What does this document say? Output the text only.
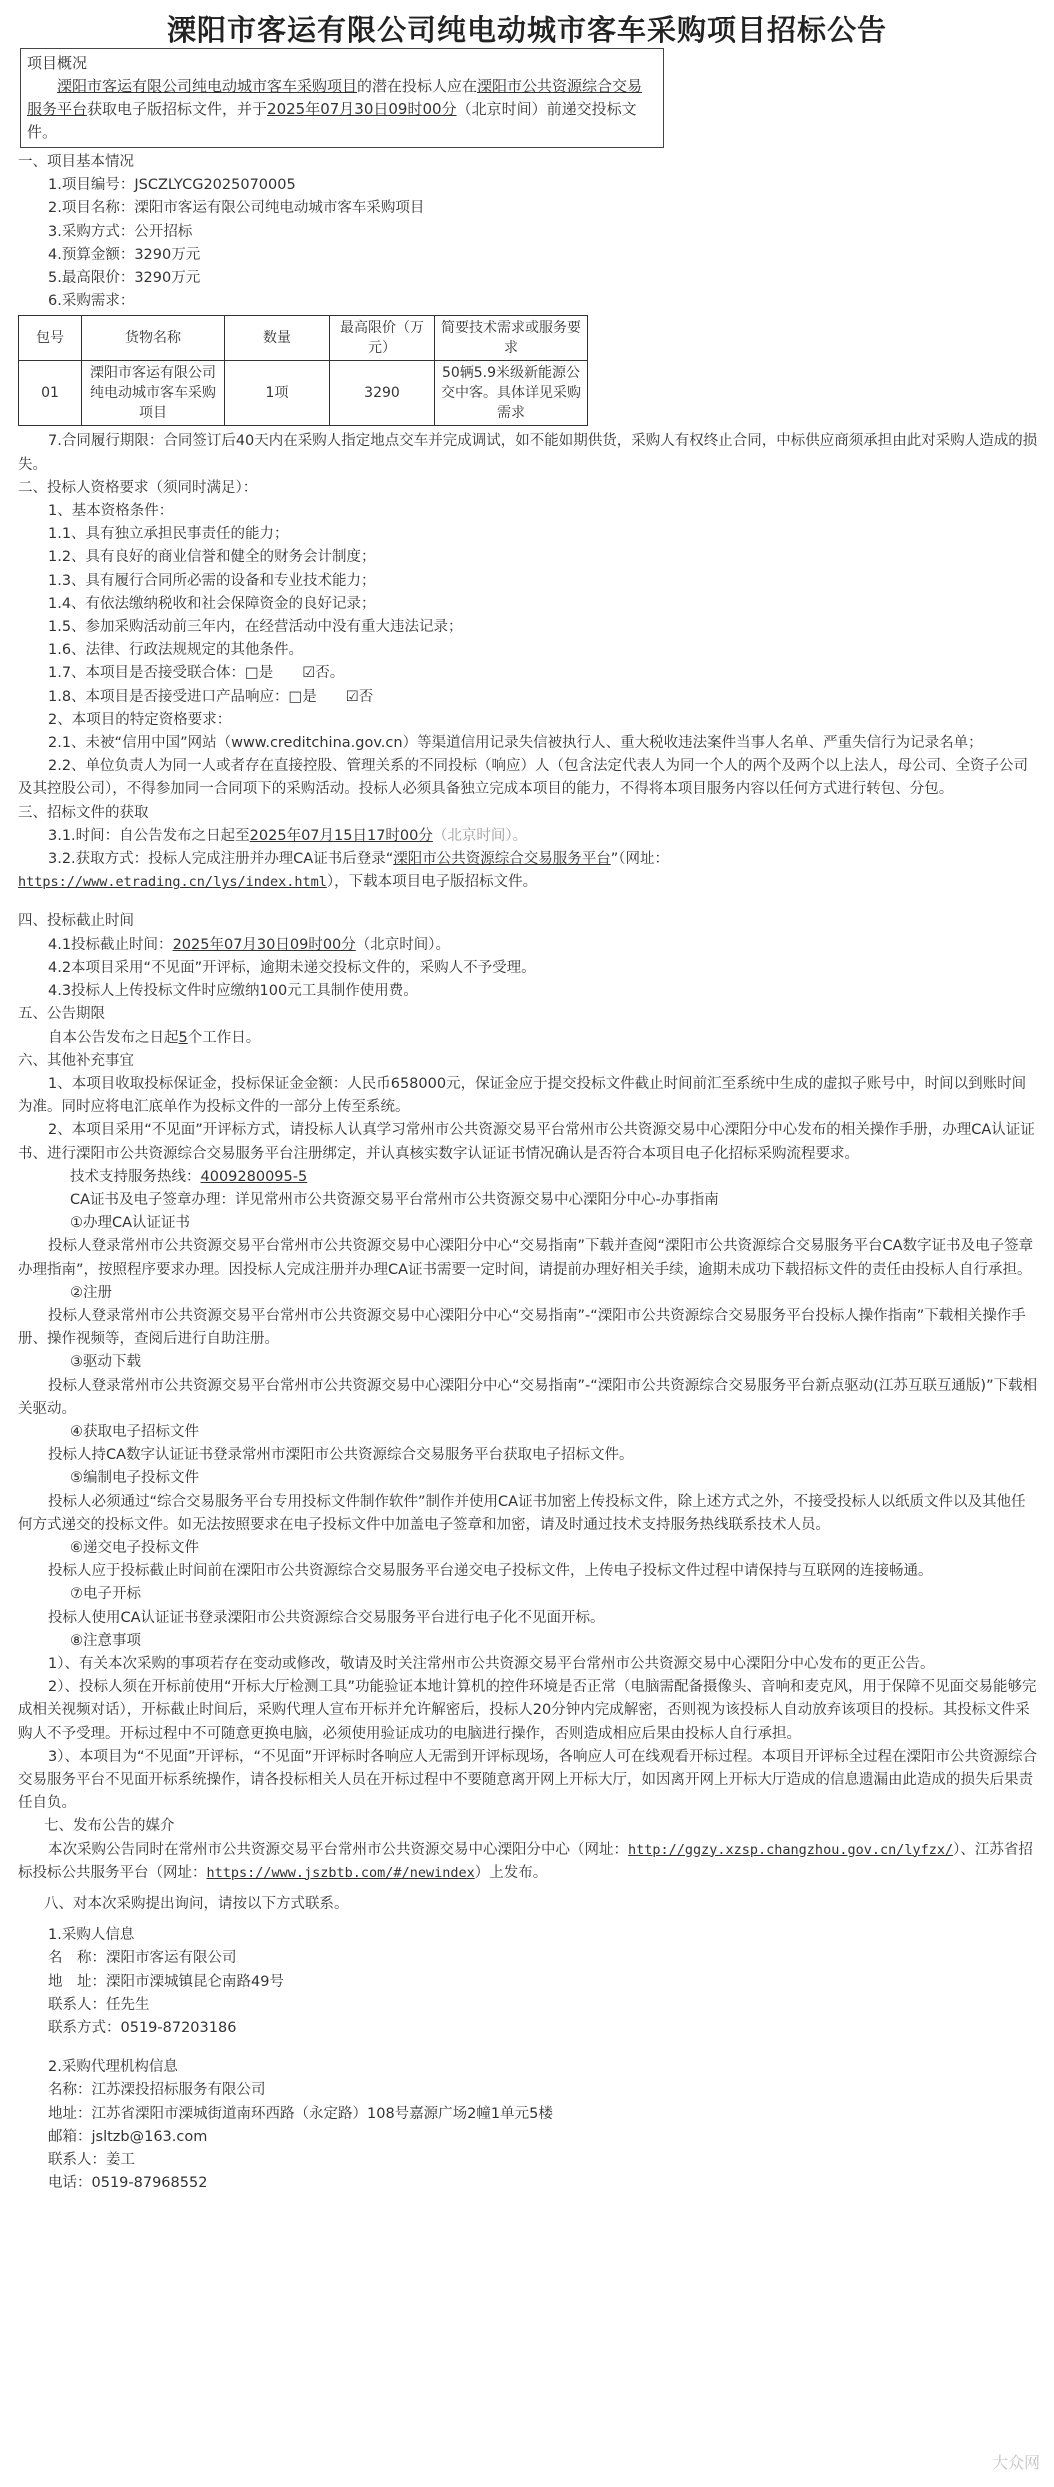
溧阳市客运有限公司纯电动城市客车采购项目招标公告
项目概况
溧阳市客运有限公司纯电动城市客车采购项目的潜在投标人应在溧阳市公共资源综合交易服务平台获取电子版招标文件，并于2025年07月30日09时00分（北京时间）前递交投标文件。

一、项目基本情况

1.项目编号：JSCZLYCG2025070005

2.项目名称：溧阳市客运有限公司纯电动城市客车采购项目

3.采购方式：公开招标

4.预算金额：3290万元

5.最高限价：3290万元

6.采购需求：

包号	货物名称	数量	最高限价（万元）	简要技术需求或服务要求
01	溧阳市客运有限公司纯电动城市客车采购项目	1项	3290	50辆5.9米级新能源公交中客。具体详见采购需求

7.合同履行期限：合同签订后40天内在采购人指定地点交车并完成调试，如不能如期供货，采购人有权终止合同，中标供应商须承担由此对采购人造成的损失。

二、投标人资格要求（须同时满足）：

1、基本资格条件：

1.1、具有独立承担民事责任的能力；

1.2、具有良好的商业信誉和健全的财务会计制度；

1.3、具有履行合同所必需的设备和专业技术能力；

1.4、有依法缴纳税收和社会保障资金的良好记录；

1.5、参加采购活动前三年内，在经营活动中没有重大违法记录；

1.6、法律、行政法规规定的其他条件。

1.7、本项目是否接受联合体：□是　　☑否。

1.8、本项目是否接受进口产品响应：□是　　☑否

2、本项目的特定资格要求：

2.1、未被“信用中国”网站（www.creditchina.gov.cn）等渠道信用记录失信被执行人、重大税收违法案件当事人名单、严重失信行为记录名单；

2.2、单位负责人为同一人或者存在直接控股、管理关系的不同投标（响应）人（包含法定代表人为同一个人的两个及两个以上法人，母公司、全资子公司及其控股公司），不得参加同一合同项下的采购活动。投标人必须具备独立完成本项目的能力，不得将本项目服务内容以任何方式进行转包、分包。

三、招标文件的获取

3.1.时间：自公告发布之日起至2025年07月15日17时00分（北京时间）。

3.2.获取方式：投标人完成注册并办理CA证书后登录“溧阳市公共资源综合交易服务平台”（网址：

https://www.etrading.cn/lys/index.html），下载本项目电子版招标文件。

四、投标截止时间

4.1投标截止时间：2025年07月30日09时00分（北京时间）。

4.2本项目采用“不见面”开评标，逾期未递交投标文件的，采购人不予受理。

4.3投标人上传投标文件时应缴纳100元工具制作使用费。

五、公告期限

自本公告发布之日起5个工作日。

六、其他补充事宜

1、本项目收取投标保证金，投标保证金金额：人民币658000元，保证金应于提交投标文件截止时间前汇至系统中生成的虚拟子账号中，时间以到账时间为准。同时应将电汇底单作为投标文件的一部分上传至系统。

2、本项目采用“不见面”开评标方式，请投标人认真学习常州市公共资源交易平台常州市公共资源交易中心溧阳分中心发布的相关操作手册，办理CA认证证书、进行溧阳市公共资源综合交易服务平台注册绑定，并认真核实数字认证证书情况确认是否符合本项目电子化招标采购流程要求。

技术支持服务热线：4009280095-5

CA证书及电子签章办理：详见常州市公共资源交易平台常州市公共资源交易中心溧阳分中心-办事指南

①办理CA认证证书

投标人登录常州市公共资源交易平台常州市公共资源交易中心溧阳分中心“交易指南”下载并查阅“溧阳市公共资源综合交易服务平台CA数字证书及电子签章办理指南”，按照程序要求办理。因投标人完成注册并办理CA证书需要一定时间，请提前办理好相关手续，逾期未成功下载招标文件的责任由投标人自行承担。

②注册

投标人登录常州市公共资源交易平台常州市公共资源交易中心溧阳分中心“交易指南”-“溧阳市公共资源综合交易服务平台投标人操作指南”下载相关操作手册、操作视频等，查阅后进行自助注册。

③驱动下载

投标人登录常州市公共资源交易平台常州市公共资源交易中心溧阳分中心“交易指南”-“溧阳市公共资源综合交易服务平台新点驱动(江苏互联互通版)”下载相关驱动。

④获取电子招标文件

投标人持CA数字认证证书登录常州市溧阳市公共资源综合交易服务平台获取电子招标文件。

⑤编制电子投标文件

投标人必须通过“综合交易服务平台专用投标文件制作软件”制作并使用CA证书加密上传投标文件，除上述方式之外，不接受投标人以纸质文件以及其他任何方式递交的投标文件。如无法按照要求在电子投标文件中加盖电子签章和加密，请及时通过技术支持服务热线联系技术人员。

⑥递交电子投标文件

投标人应于投标截止时间前在溧阳市公共资源综合交易服务平台递交电子投标文件，上传电子投标文件过程中请保持与互联网的连接畅通。

⑦电子开标

投标人使用CA认证证书登录溧阳市公共资源综合交易服务平台进行电子化不见面开标。

⑧注意事项

1）、有关本次采购的事项若存在变动或修改，敬请及时关注常州市公共资源交易平台常州市公共资源交易中心溧阳分中心发布的更正公告。

2）、投标人须在开标前使用“开标大厅检测工具”功能验证本地计算机的控件环境是否正常（电脑需配备摄像头、音响和麦克风，用于保障不见面交易能够完成相关视频对话），开标截止时间后，采购代理人宣布开标并允许解密后，投标人20分钟内完成解密，否则视为该投标人自动放弃该项目的投标。其投标文件采购人不予受理。开标过程中不可随意更换电脑，必须使用验证成功的电脑进行操作，否则造成相应后果由投标人自行承担。

3）、本项目为“不见面”开评标，“不见面”开评标时各响应人无需到开评标现场，各响应人可在线观看开标过程。本项目开评标全过程在溧阳市公共资源综合交易服务平台不见面开标系统操作，请各投标相关人员在开标过程中不要随意离开网上开标大厅，如因离开网上开标大厅造成的信息遗漏由此造成的损失后果责任自负。

七、发布公告的媒介

本次采购公告同时在常州市公共资源交易平台常州市公共资源交易中心溧阳分中心（网址：http://ggzy.xzsp.changzhou.gov.cn/lyfzx/）、江苏省招标投标公共服务平台（网址：https://www.jszbtb.com/#/newindex）上发布。

八、对本次采购提出询问，请按以下方式联系。

1.采购人信息

名　称：溧阳市客运有限公司

地　址：溧阳市溧城镇昆仑南路49号

联系人：任先生

联系方式：0519-87203186

2.采购代理机构信息

名称：江苏溧投招标服务有限公司

地址：江苏省溧阳市溧城街道南环西路（永定路）108号嘉源广场2幢1单元5楼

邮箱：jsltzb@163.com

联系人：姜工

电话：0519-87968552

大众网
